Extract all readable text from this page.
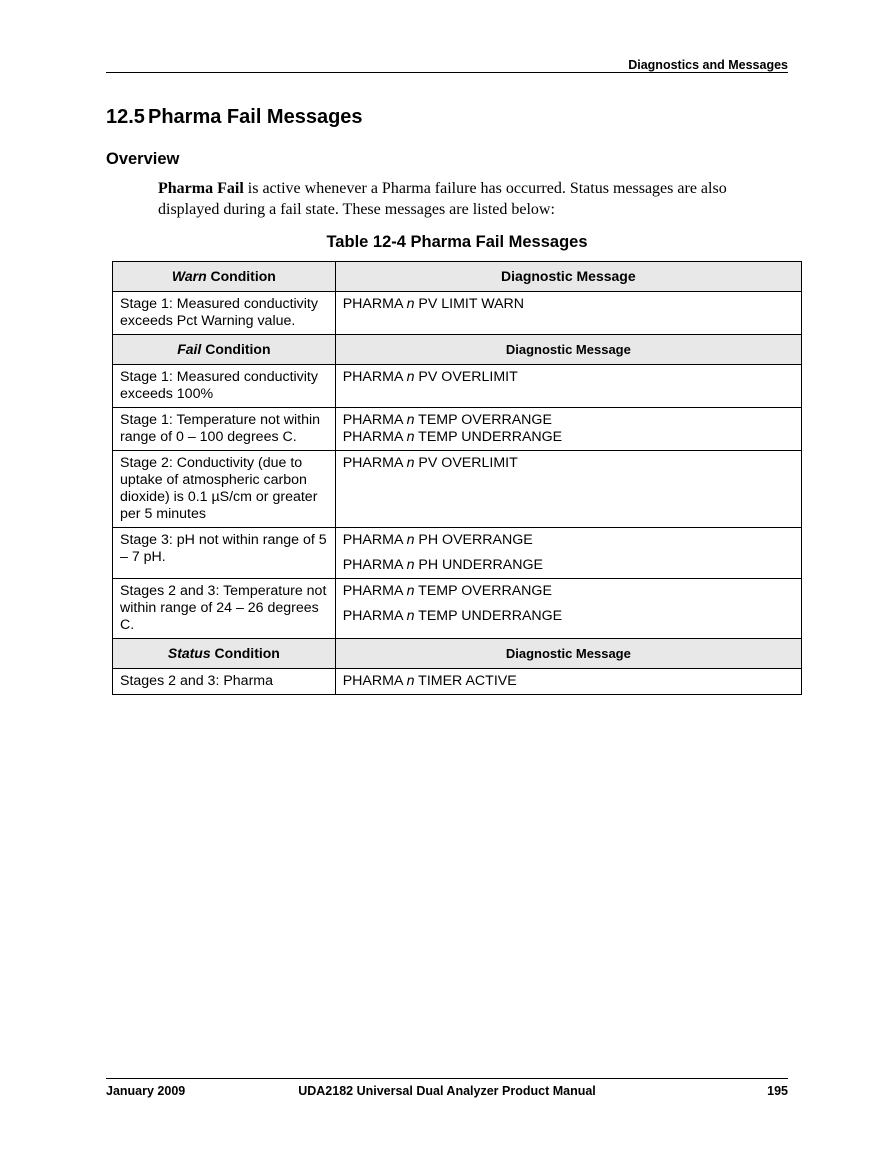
Diagnostics and Messages
12.5 Pharma Fail Messages
Overview
Pharma Fail is active whenever a Pharma failure has occurred. Status messages are also
displayed during a fail state. These messages are listed below:
Table 12-4 Pharma Fail Messages
Warn Condition	Diagnostic Message
Stage 1: Measured conductivity exceeds Pct Warning value.	PHARMA n PV LIMIT WARN

Fail Condition	Diagnostic Message
Stage 1: Measured conductivity exceeds 100%	PHARMA n PV OVERLIMIT

Stage 1: Temperature not within range of 0 – 100 degrees C.	PHARMA n TEMP OVERRANGE
PHARMA n TEMP UNDERRANGE

Stage 2: Conductivity (due to uptake of atmospheric carbon dioxide) is 0.1 µS/cm or greater per 5 minutes	PHARMA n PV OVERLIMIT

Stage 3: pH not within range of 5 – 7 pH.	PHARMA n PH OVERRANGE
PHARMA n PH UNDERRANGE

Stages 2 and 3: Temperature not within range of 24 – 26 degrees C.	PHARMA n TEMP OVERRANGE
PHARMA n TEMP UNDERRANGE

Status Condition	Diagnostic Message
Stages 2 and 3: Pharma	PHARMA n TIMER ACTIVE
January 2009	UDA2182 Universal Dual Analyzer Product Manual	195
